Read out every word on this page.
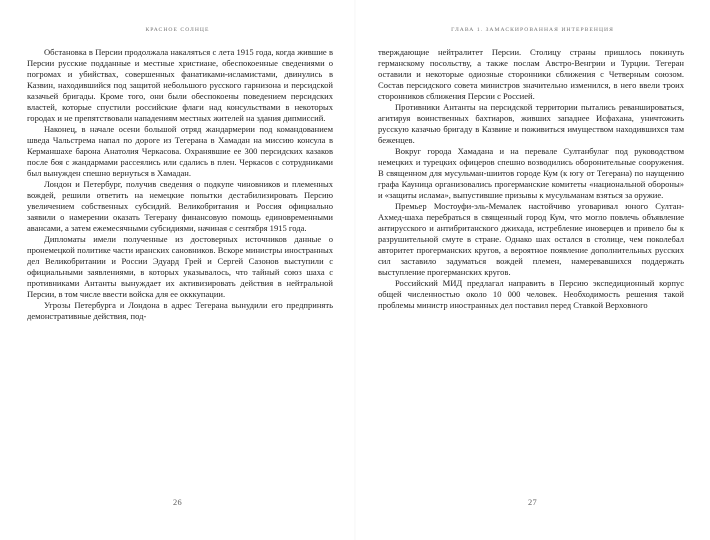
КРАСНОЕ СОЛНЦЕ

Обстановка в Персии продолжала накаляться с лета 1915 года, когда жившие в Персии русские подданные и местные христиане, обеспокоенные сведениями о погромах и убийствах, совершенных фанатиками-исламистами, двинулись в Казвин, находившийся под защитой небольшого русского гарнизона и персидской казачьей бригады. Кроме того, они были обеспокоены поведением персидских властей, которые спустили российские флаги над консульствами в некоторых городах и не препятствовали нападениям местных жителей на здания дипмиссий.

Наконец, в начале осени большой отряд жандармерии под командованием шведа Чальстрема напал по дороге из Тегерана в Хамадан на миссию консула в Керманшахе барона Анатолия Черкасова. Охранявшие ее 300 персидских казаков после боя с жандармами рассеялись или сдались в плен. Черкасов с сотрудниками был вынужден спешно вернуться в Хамадан.

Лондон и Петербург, получив сведения о подкупе чиновников и племенных вождей, решили ответить на немецкие попытки дестабилизировать Персию увеличением собственных субсидий. Великобритания и Россия официально заявили о намерении оказать Тегерану финансовую помощь единовременными авансами, а затем ежемесячными субсидиями, начиная с сентября 1915 года.

Дипломаты имели полученные из достоверных источников данные о пронемецкой политике части иранских сановников. Вскоре министры иностранных дел Великобритании и России Эдуард Грей и Сергей Сазонов выступили с официальными заявлениями, в которых указывалось, что тайный союз шаха с противниками Антанты вынуждает их активизировать действия в нейтральной Персии, в том числе ввести войска для ее окккупации.

Угрозы Петербурга и Лондона в адрес Тегерана вынудили его предпринять демонстративные действия, под-

26
ГЛАВА 1. ЗАМАСКИРОВАННАЯ ИНТЕРВЕНЦИЯ

тверждающие нейтралитет Персии. Столицу страны пришлось покинуть германскому посольству, а также послам Австро-Венгрии и Турции. Тегеран оставили и некоторые одиозные сторонники сближения с Четверным союзом. Состав персидского совета министров значительно изменился, в него ввели троих сторонников сближения Персии с Россией.

Противники Антанты на персидской территории пытались реваншироваться, агитируя воинственных бахтиаров, живших западнее Исфахана, уничтожить русскую казачью бригаду в Казвине и поживиться имуществом находившихся там беженцев.

Вокруг города Хамадана и на перевале Султанбулаг под руководством немецких и турецких офицеров спешно возводились оборонительные сооружения. В священном для мусульман-шиитов городе Кум (к югу от Тегерана) по наущению графа Кауница организовались прогерманские комитеты «национальной обороны» и «защиты ислама», выпустившие призывы к мусульманам взяться за оружие.

Премьер Мостоуфи-эль-Мемалек настойчиво уговаривал юного Султан-Ахмед-шаха перебраться в священный город Кум, что могло повлечь объявление антирусского и антибританского джихада, истребление иноверцев и привело бы к разрушительной смуте в стране. Однако шах остался в столице, чем поколебал авторитет прогерманских кругов, а вероятное появление дополнительных русских сил заставило задуматься вождей племен, намеревавшихся поддержать выступление прогерманских кругов.

Российский МИД предлагал направить в Персию экспедиционный корпус общей численностью около 10 000 человек. Необходимость решения такой проблемы министр иностранных дел поставил перед Ставкой Верховного

27
